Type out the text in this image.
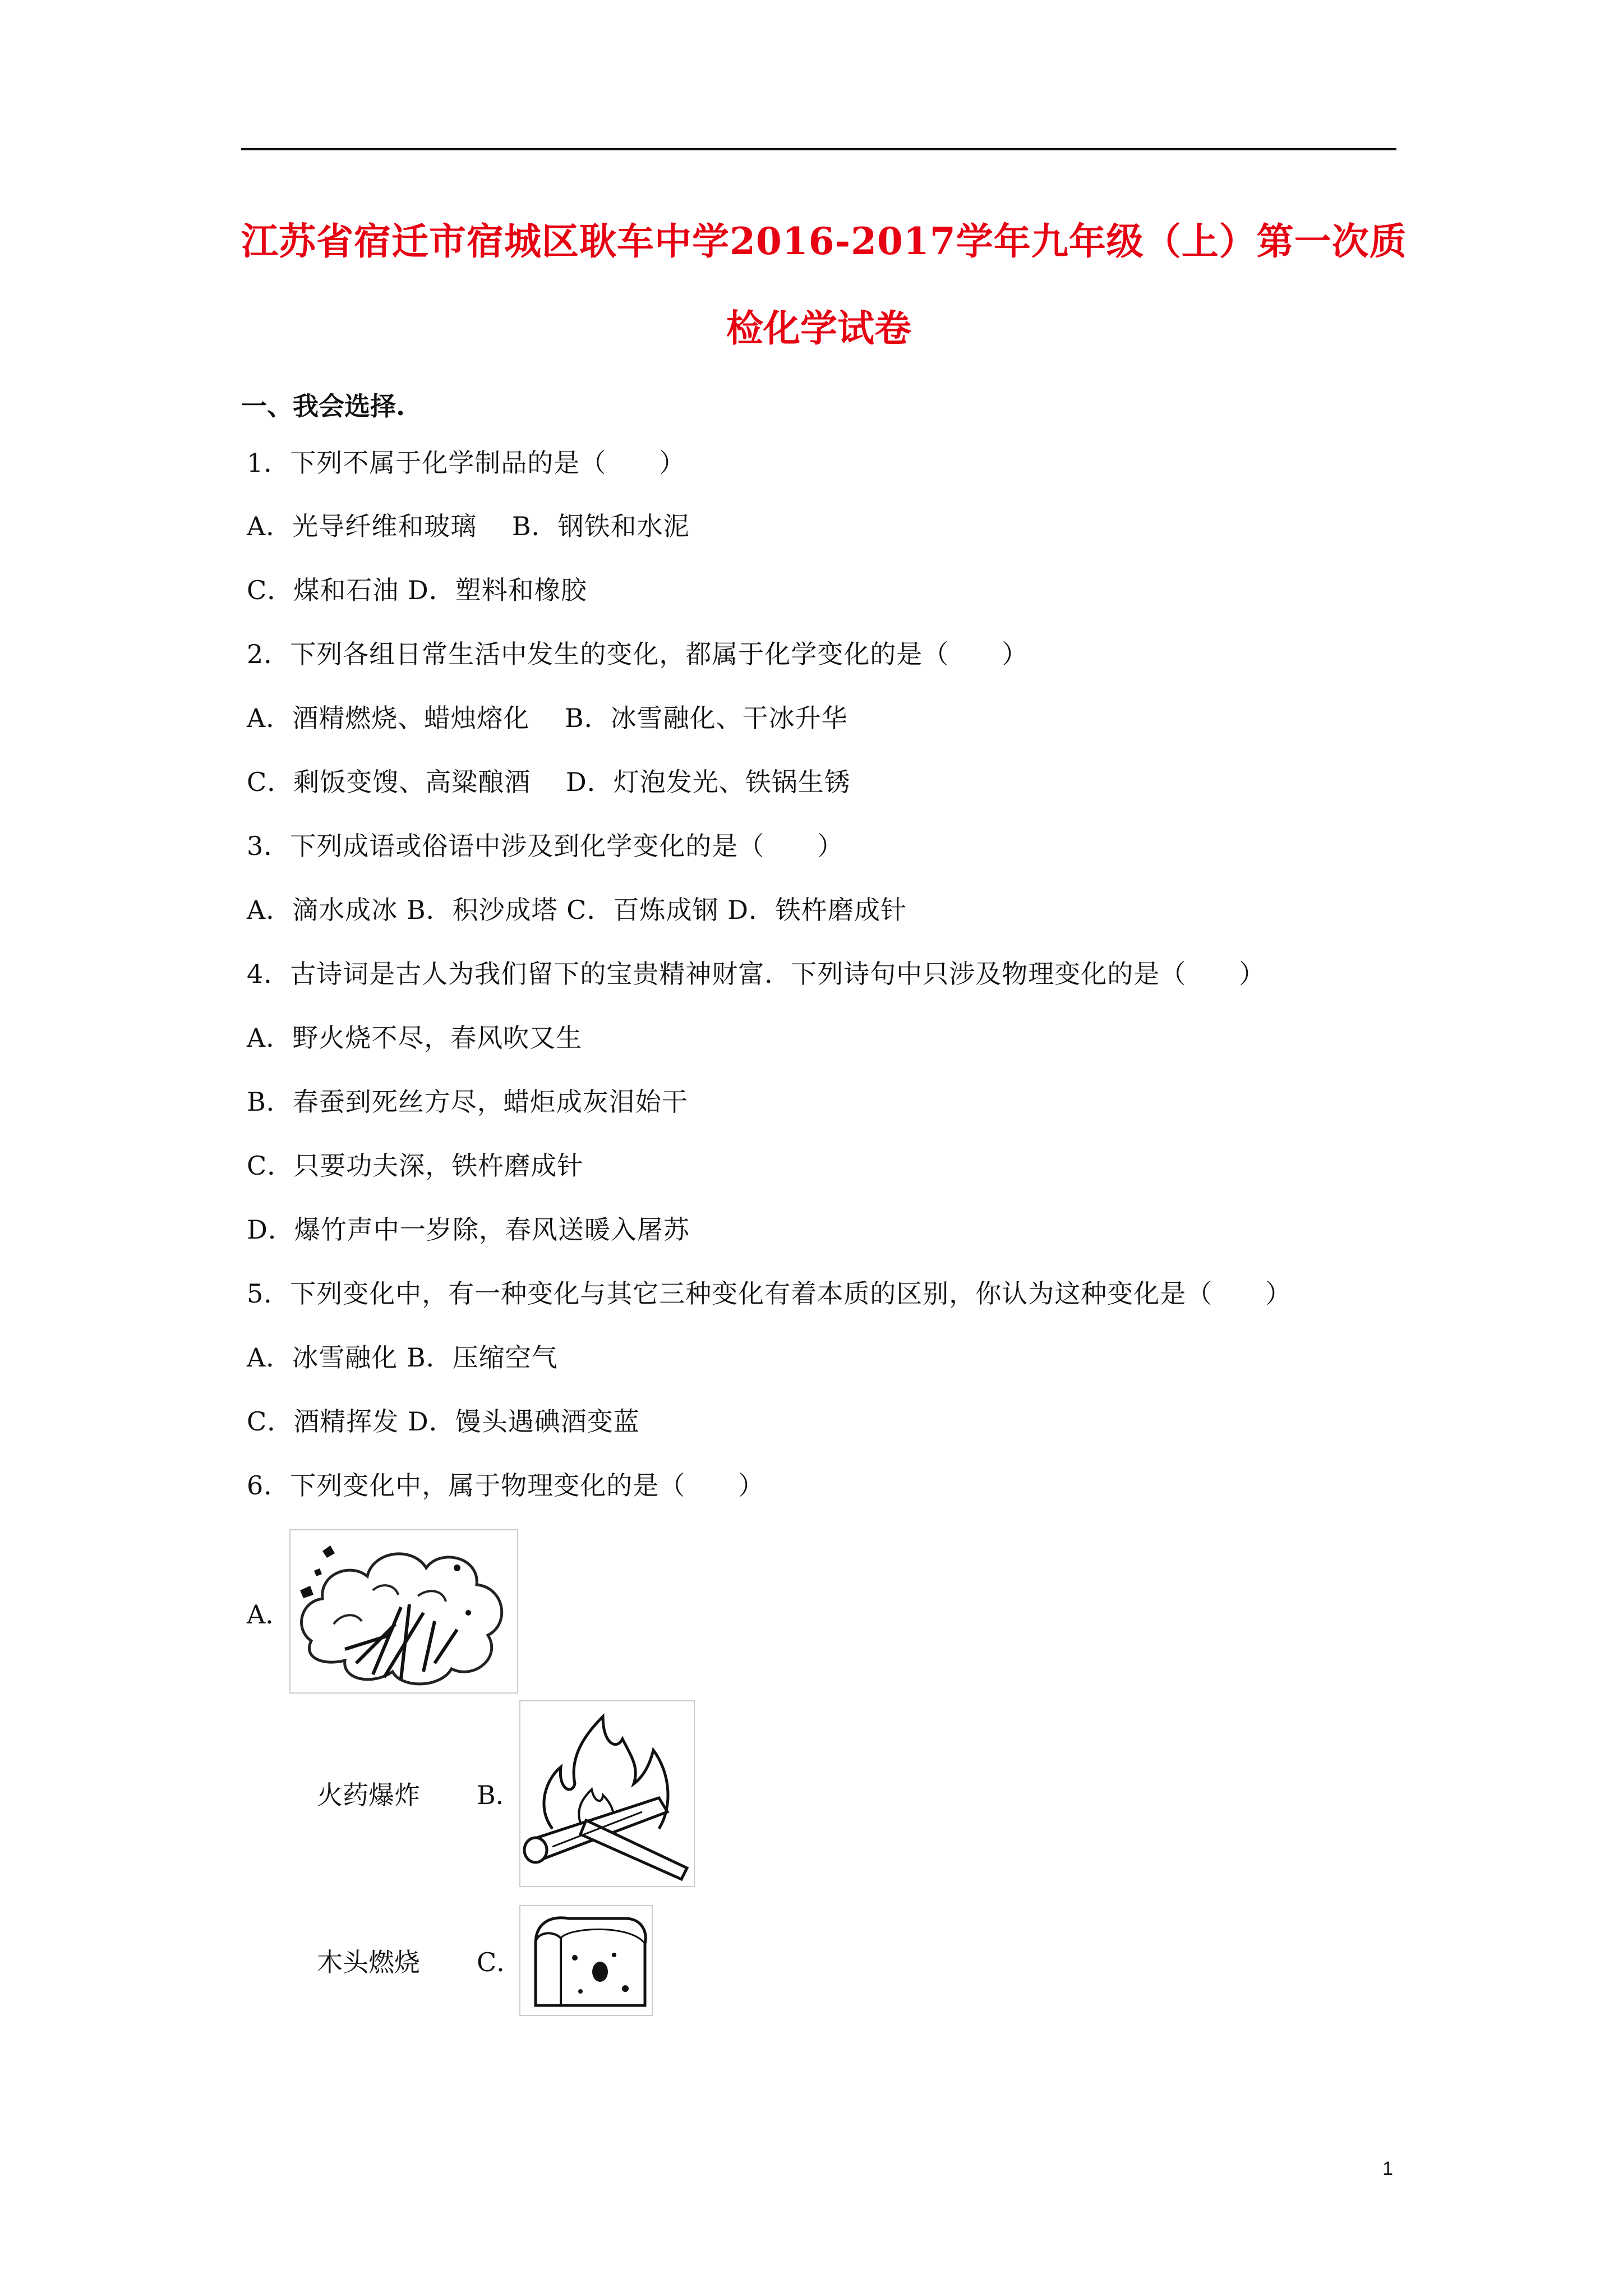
江苏省宿迁市宿城区耿车中学2016-2017学年九年级（上）第一次质
检化学试卷
一、我会选择.
1．下列不属于化学制品的是（　　）
A．光导纤维和玻璃　 B．钢铁和水泥
C．煤和石油 D．塑料和橡胶
2．下列各组日常生活中发生的变化，都属于化学变化的是（　　）
A．酒精燃烧、蜡烛熔化　 B．冰雪融化、干冰升华
C．剩饭变馊、高粱酿酒　 D．灯泡发光、铁锅生锈
3．下列成语或俗语中涉及到化学变化的是（　　）
A．滴水成冰 B．积沙成塔 C．百炼成钢 D．铁杵磨成针
4．古诗词是古人为我们留下的宝贵精神财富．下列诗句中只涉及物理变化的是（　　）
A．野火烧不尽，春风吹又生
B．春蚕到死丝方尽，蜡炬成灰泪始干
C．只要功夫深，铁杵磨成针
D．爆竹声中一岁除，春风送暖入屠苏
5．下列变化中，有一种变化与其它三种变化有着本质的区别，你认为这种变化是（　　）
A．冰雪融化 B．压缩空气
C．酒精挥发 D．馒头遇碘酒变蓝
6．下列变化中，属于物理变化的是（　　）
A．
火药爆炸 B．
木头燃烧 C．
1
